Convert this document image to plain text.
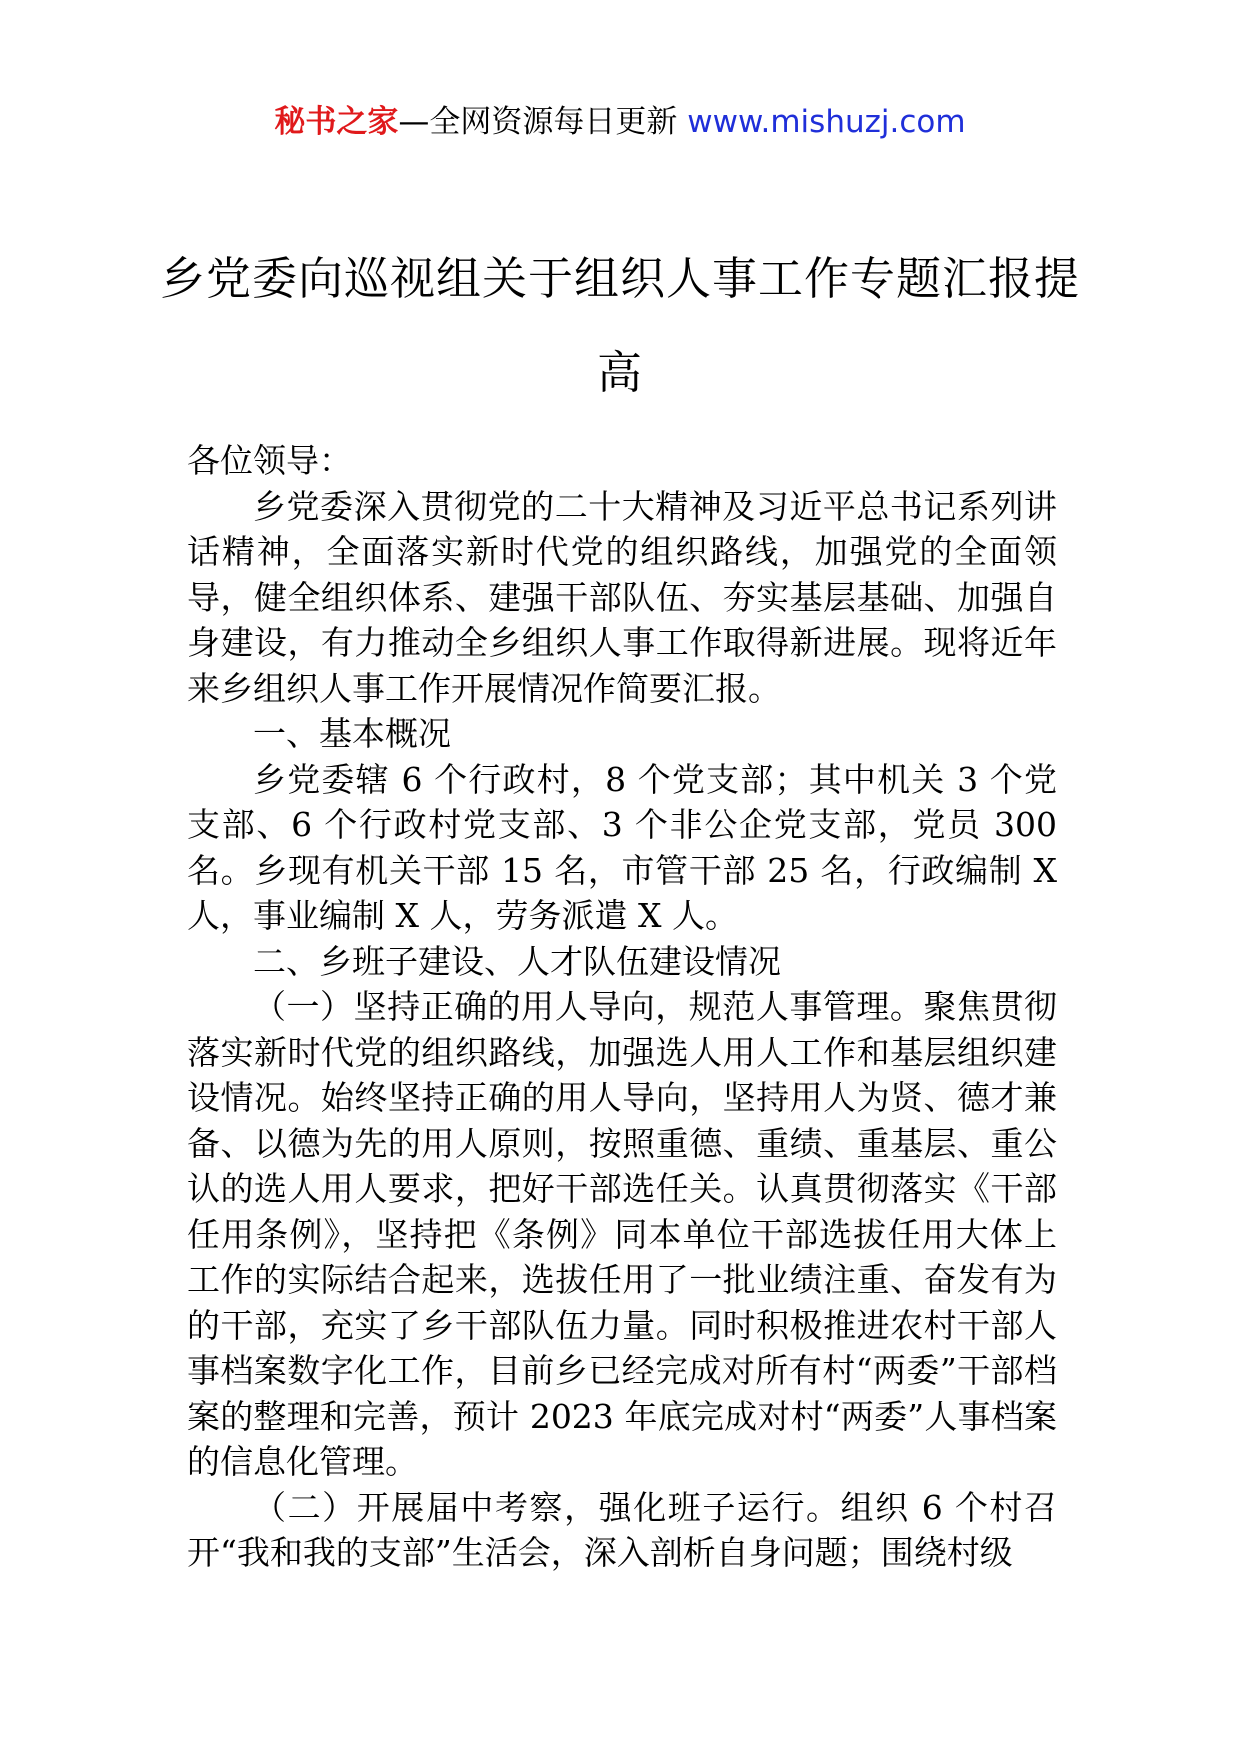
秘书之家—全网资源每日更新 www.mishuzj.com
乡党委向巡视组关于组织人事工作专题汇报提高

各位领导：

乡党委深入贯彻党的二十大精神及习近平总书记系列讲话精神，全面落实新时代党的组织路线，加强党的全面领导，健全组织体系、建强干部队伍、夯实基层基础、加强自身建设，有力推动全乡组织人事工作取得新进展。现将近年来乡组织人事工作开展情况作简要汇报。

一、基本概况

乡党委辖 6 个行政村，8 个党支部；其中机关 3 个党支部、6 个行政村党支部、3 个非公企党支部，党员 300 名。乡现有机关干部 15 名，市管干部 25 名，行政编制 X 人，事业编制 X 人，劳务派遣 X 人。

二、乡班子建设、人才队伍建设情况

（一）坚持正确的用人导向，规范人事管理。聚焦贯彻落实新时代党的组织路线，加强选人用人工作和基层组织建设情况。始终坚持正确的用人导向，坚持用人为贤、德才兼备、以德为先的用人原则，按照重德、重绩、重基层、重公认的选人用人要求，把好干部选任关。认真贯彻落实《干部任用条例》，坚持把《条例》同本单位干部选拔任用大体上工作的实际结合起来，选拔任用了一批业绩注重、奋发有为的干部，充实了乡干部队伍力量。同时积极推进农村干部人事档案数字化工作，目前乡已经完成对所有村“两委”干部档案的整理和完善，预计 2023 年底完成对村“两委”人事档案的信息化管理。

（二）开展届中考察，强化班子运行。组织 6 个村召开“我和我的支部”生活会，深入剖析自身问题；围绕村级
